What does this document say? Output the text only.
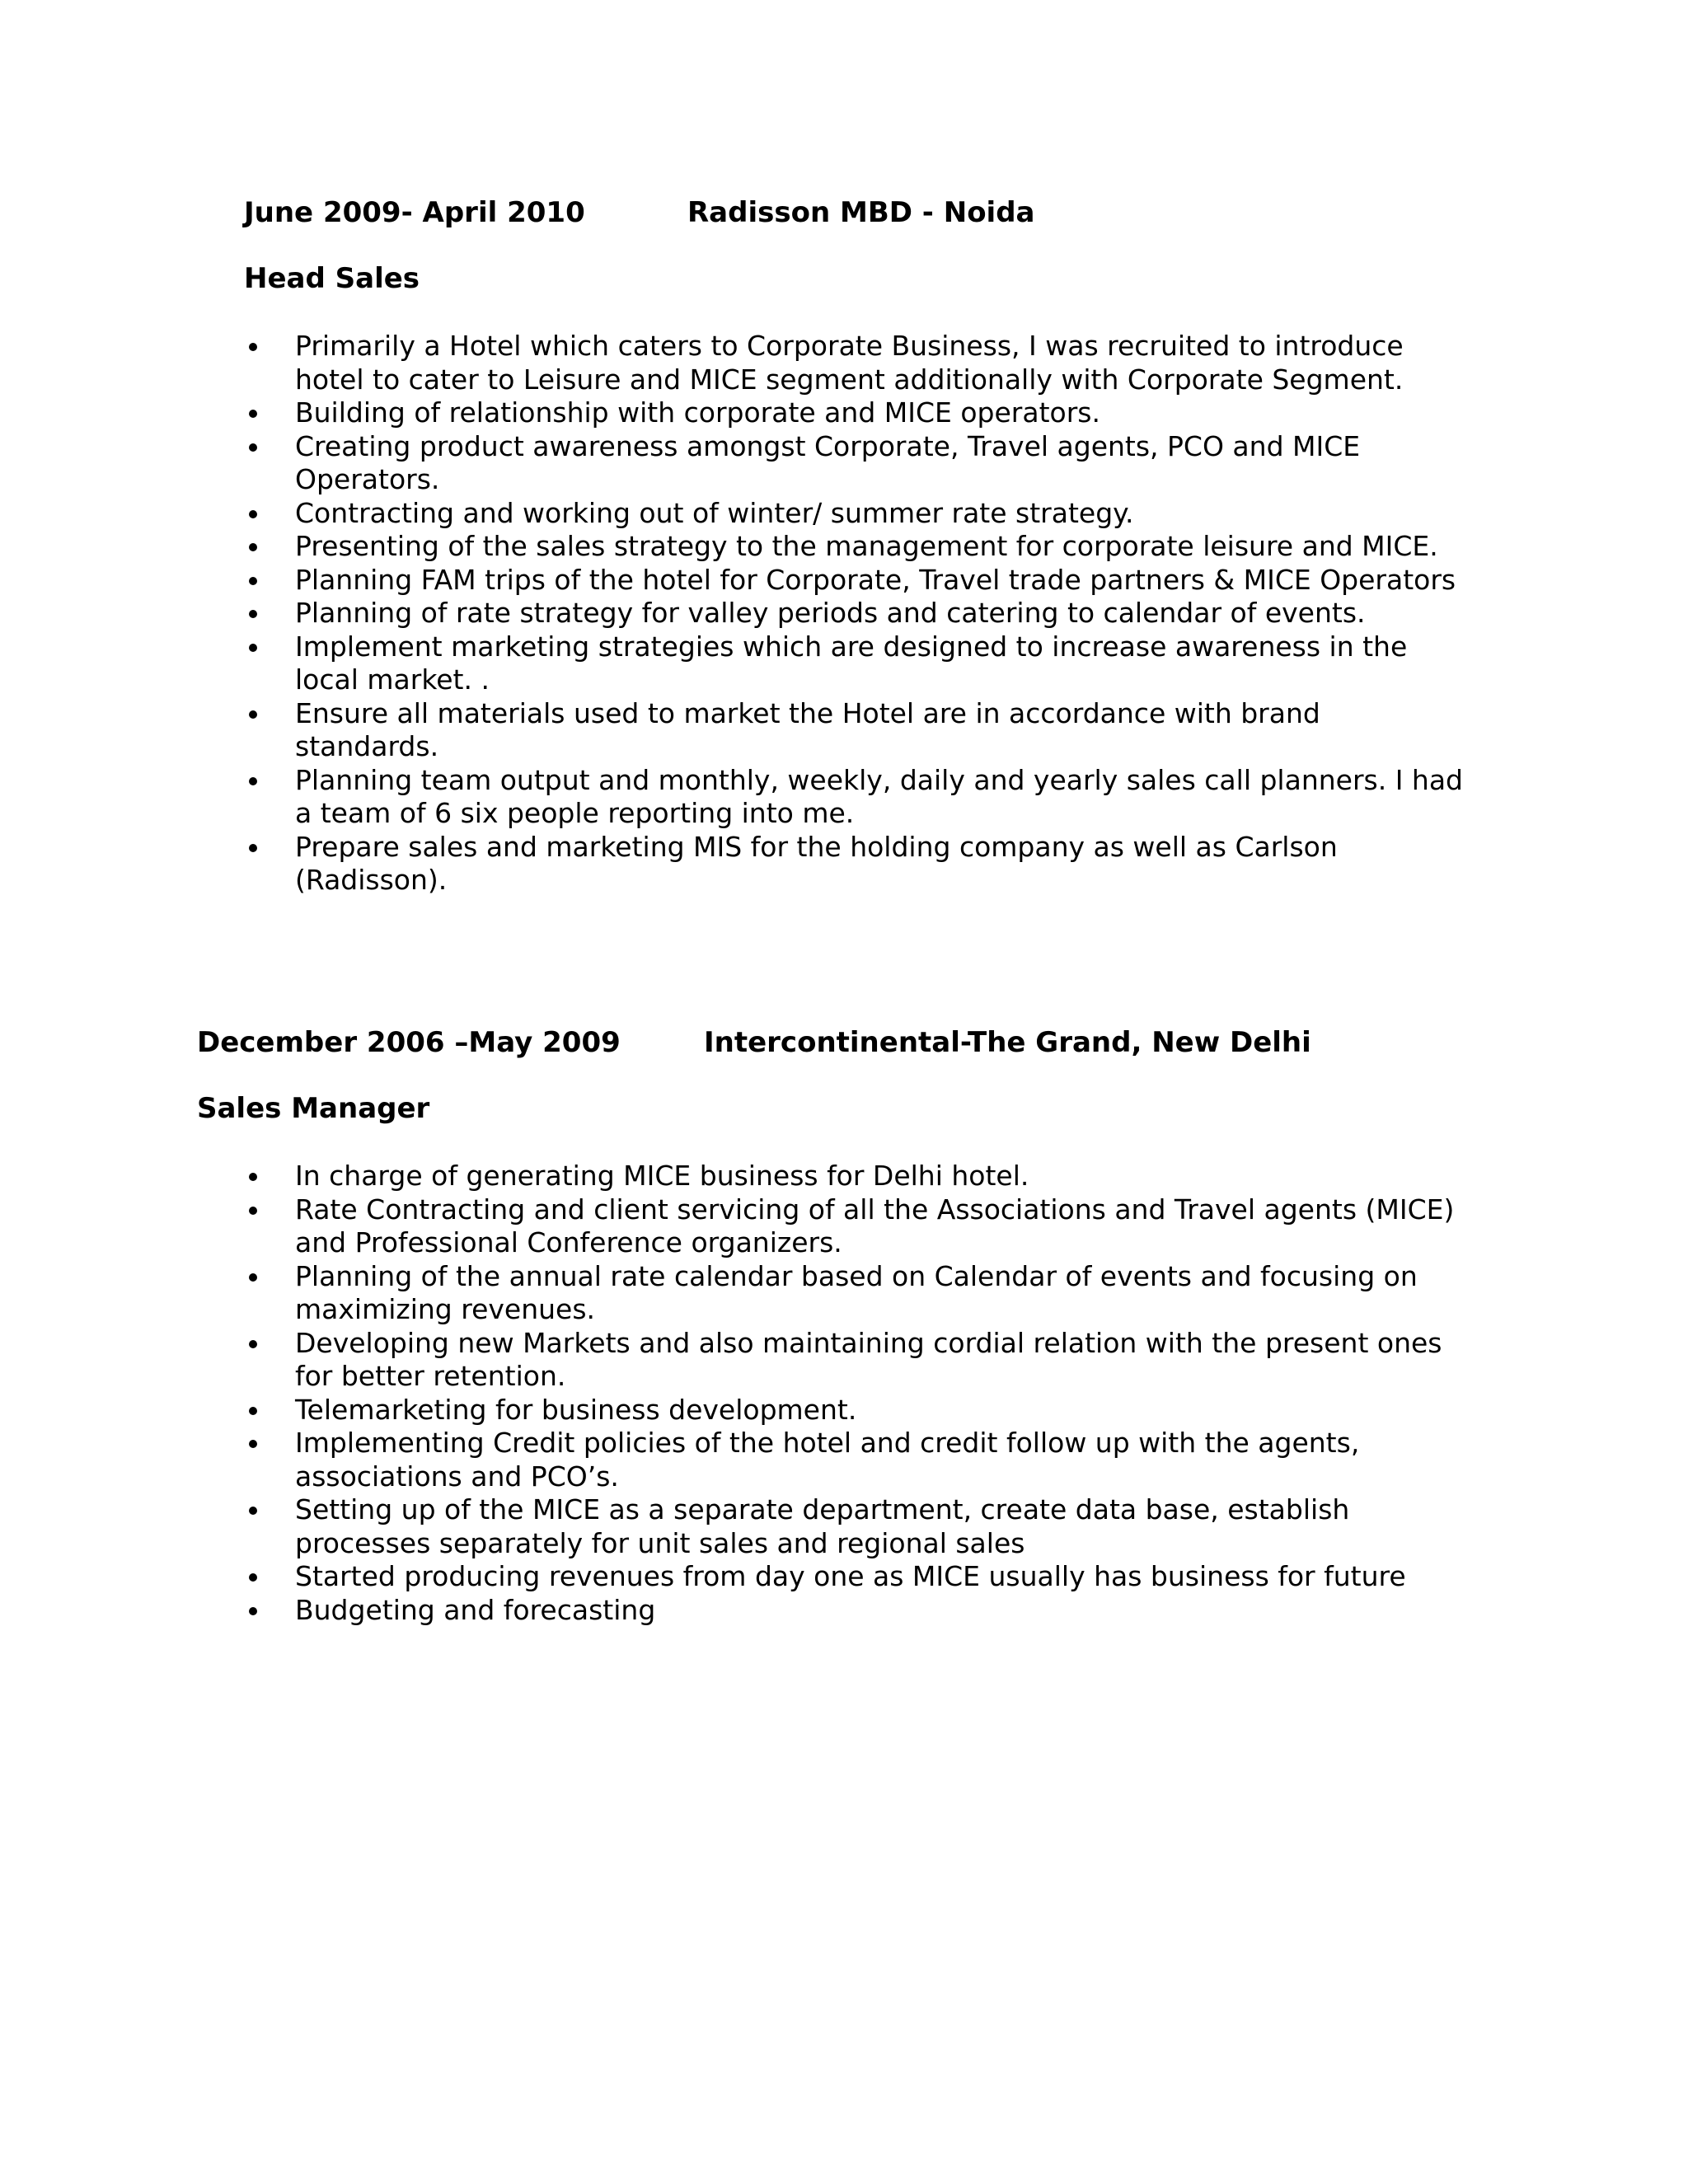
June 2009- April 2010	Radisson MBD - Noida
Head Sales
Primarily a Hotel which caters to Corporate Business, I was recruited to introduce hotel to cater to Leisure and MICE segment additionally with Corporate Segment.
Building of relationship with corporate and MICE operators.
Creating product awareness amongst Corporate, Travel agents, PCO and MICE Operators.
Contracting and working out of winter/ summer rate strategy.
Presenting of the sales strategy to the management for corporate leisure and MICE.
Planning FAM trips of the hotel for Corporate, Travel trade partners & MICE Operators
Planning of rate strategy for valley periods and catering to calendar of events.
Implement marketing strategies which are designed to increase awareness in the local market. .
Ensure all materials used to market the Hotel are in accordance with brand standards.
Planning team output and monthly, weekly, daily and yearly sales call planners. I had a team of 6 six people reporting into me.
Prepare sales and marketing MIS for the holding company as well as Carlson (Radisson).
December 2006 –May 2009	Intercontinental-The Grand, New Delhi
Sales Manager
In charge of generating MICE business for Delhi hotel.
Rate Contracting and client servicing of all the Associations and Travel agents (MICE) and Professional Conference organizers.
Planning of the annual rate calendar based on Calendar of events and focusing on maximizing revenues.
Developing new Markets and also maintaining cordial relation with the present ones for better retention.
Telemarketing for business development.
Implementing Credit policies of the hotel and credit follow up with the agents, associations and PCO’s.
Setting up of the MICE as a separate department, create data base, establish processes separately for unit sales and regional sales
Started producing revenues from day one as MICE usually has business for future
Budgeting and forecasting
